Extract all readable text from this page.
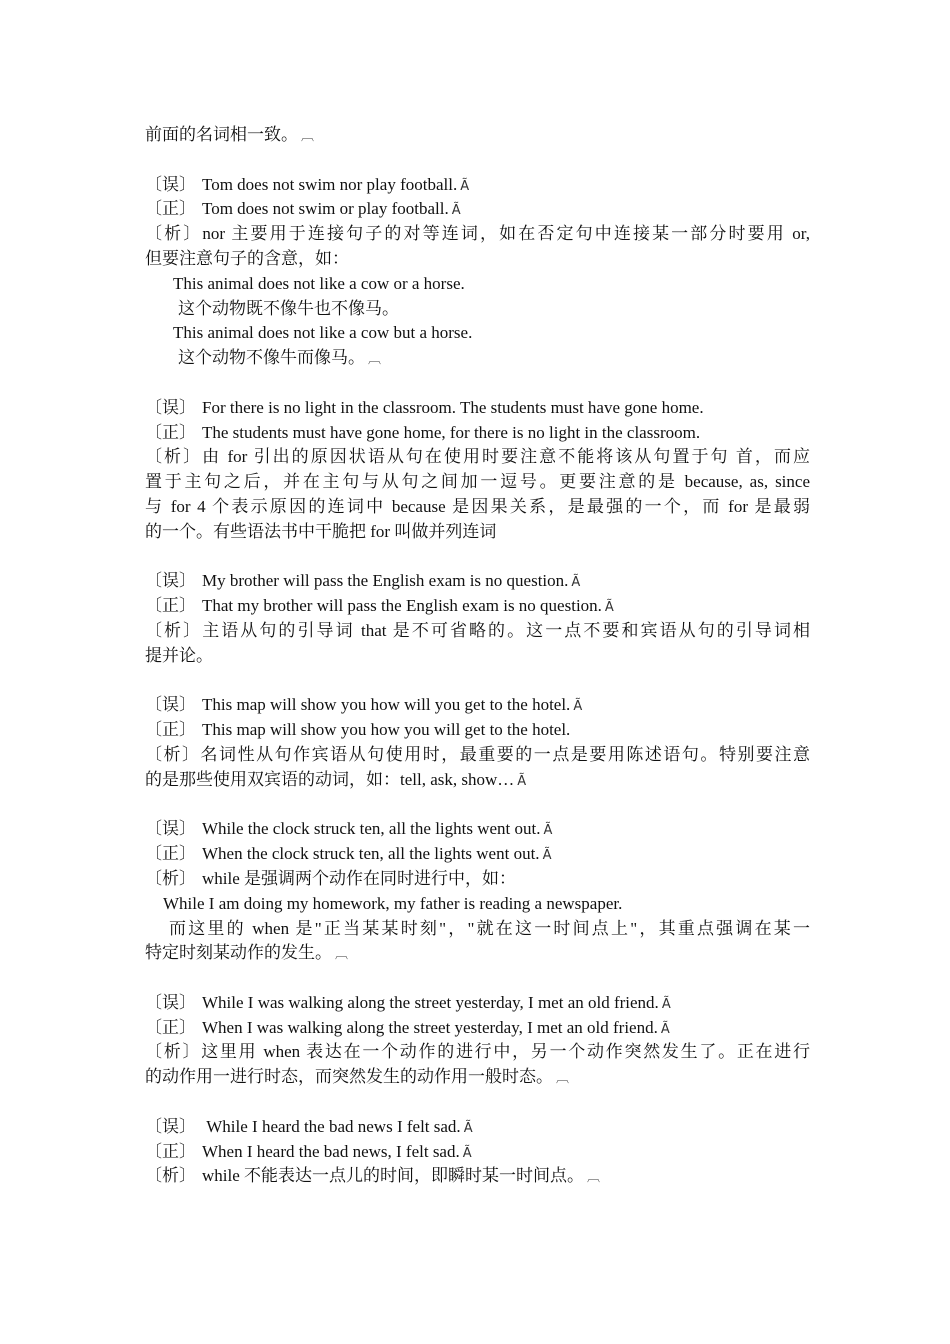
前面的名词相一致。 ︹
〔误〕 Tom does not swim nor play football. Ã
〔正〕 Tom does not swim or play football. Ã
〔析〕nor 主要用于连接句子的对等连词，如在否定句中连接某一部分时要用 or,
但要注意句子的含意，如：
This animal does not like a cow or a horse.
这个动物既不像牛也不像马。
This animal does not like a cow but a horse.
这个动物不像牛而像马。 ︹
〔误〕 For there is no light in the classroom. The students must have gone home.
〔正〕 The students must have gone home, for there is no light in the classroom.
〔析〕由 for 引出的原因状语从句在使用时要注意不能将该从句置于句 首，而应
置于主句之后，并在主句与从句之间加一逗号。更要注意的是 because, as, since
与 for 4 个表示原因的连词中 because 是因果关系，是最强的一个，而 for 是最弱
的一个。有些语法书中干脆把 for 叫做并列连词
〔误〕 My brother will pass the English exam is no question. Ã
〔正〕 That my brother will pass the English exam is no question. Ã
〔析〕主语从句的引导词 that 是不可省略的。这一点不要和宾语从句的引导词相
提并论。
〔误〕 This map will show you how will you get to the hotel. Ã
〔正〕 This map will show you how you will get to the hotel.
〔析〕名词性从句作宾语从句使用时，最重要的一点是要用陈述语句。特别要注意
的是那些使用双宾语的动词，如：tell, ask, show… Ã
〔误〕 While the clock struck ten, all the lights went out. Ã
〔正〕 When the clock struck ten, all the lights went out. Ã
〔析〕 while 是强调两个动作在同时进行中，如：
While I am doing my homework, my father is reading a newspaper.
而这里的 when 是"正当某某时刻"，"就在这一时间点上"，其重点强调在某一
特定时刻某动作的发生。 ︹
〔误〕 While I was walking along the street yesterday, I met an old friend. Ã
〔正〕 When I was walking along the street yesterday, I met an old friend. Ã
〔析〕这里用 when 表达在一个动作的进行中，另一个动作突然发生了。正在进行
的动作用一进行时态，而突然发生的动作用一般时态。 ︹
〔误〕 While I heard the bad news I felt sad. Ã
〔正〕 When I heard the bad news, I felt sad. Ã
〔析〕 while 不能表达一点儿的时间，即瞬时某一时间点。 ︹
